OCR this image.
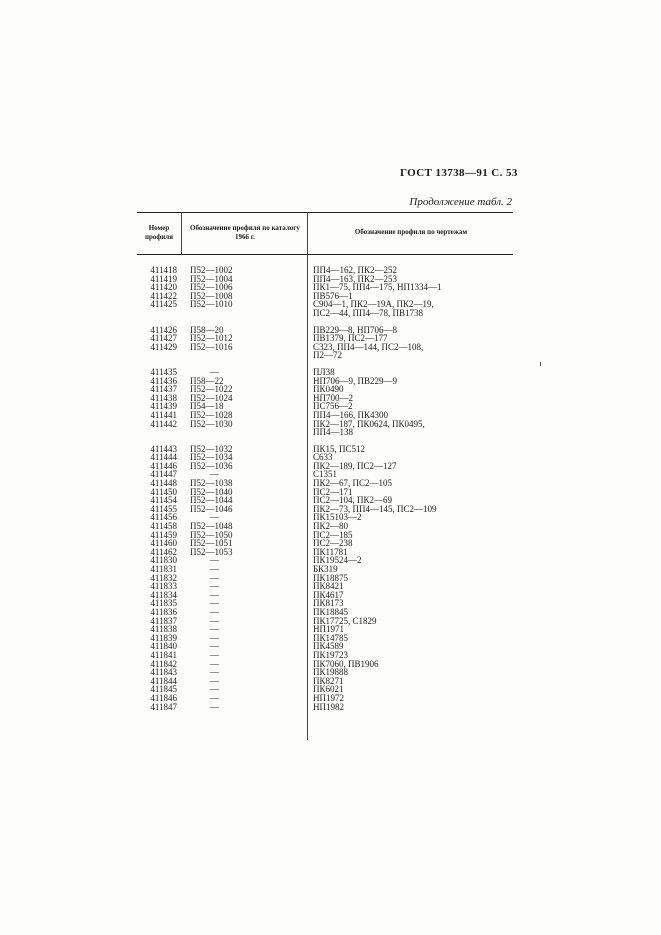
ГОСТ 13738—91 С. 53
Продолжение табл. 2
Номер профиля
Обозначение профиля по каталогу 1966 г.
Обозначение профиля по чертежам
411418 П52—1002	ПП4—162, ПК2—252
411419 П52—1004	ПП4—163, ПК2—253
411420 П52—1006	ПК1—75, ПП4—175, НП1334—1
411422 П52—1008	ПВ576—1
411425 П52—1010	С904—1, ПК2—19А, ПК2—19,
ПС2—44, ПП4—78, ПВ1738
411426 П58—20	ПВ229—8, НП706—8
411427 П52—1012	ПВ1379, ПС2—177
411429 П52—1016	С323, ПП4—144, ПС2—108,
П2—72
411435	—	ПЛ38
411436 П58—22	НП706—9, ПВ229—9
411437 П52—1022	ПК0490
411438 П52—1024	НП700—2
411439 П54—18	ПС756—2
411441 П52—1028	ПП4—166, ПК4300
411442 П52—1030	ПК2—187, ПК0624, ПК0495,
ПП4—138
411443 П52—1032	ПК15, ПС512
411444 П52—1034	С633
411446 П52—1036	ПК2—189, ПС2—127
411447	—	С1351
411448 П52—1038	ПК2—67, ПС2—105
411450 П52—1040	ПС2—171
411454 П52—1044	ПС2—104, ПК2—69
411455 П52—1046	ПК2—73, ПП4—145, ПС2—109
411456	—	ПК15103—2
411458 П52—1048	ПК2—80
411459 П52—1050	ПС2—185
411460 П52—1051	ПС2—238
411462 П52—1053	ПК11781
411830	—	ПК19524—2
411831	—	БК319
411832	—	ПК18875
411833	—	ПК8421
411834	—	ПК4617
411835	—	ПК8173
411836	—	ПК18845
411837	—	ПК17725, С1829
411838	—	НП1971
411839	—	ПК14785
411840	—	ПК4589
411841	—	ПК19723
411842	—	ПК7060, ПВ1906
411843	—	ПК19888
411844	—	ПК8271
411845	—	ПК6021
411846	—	НП1972
411847	—	НП1982
